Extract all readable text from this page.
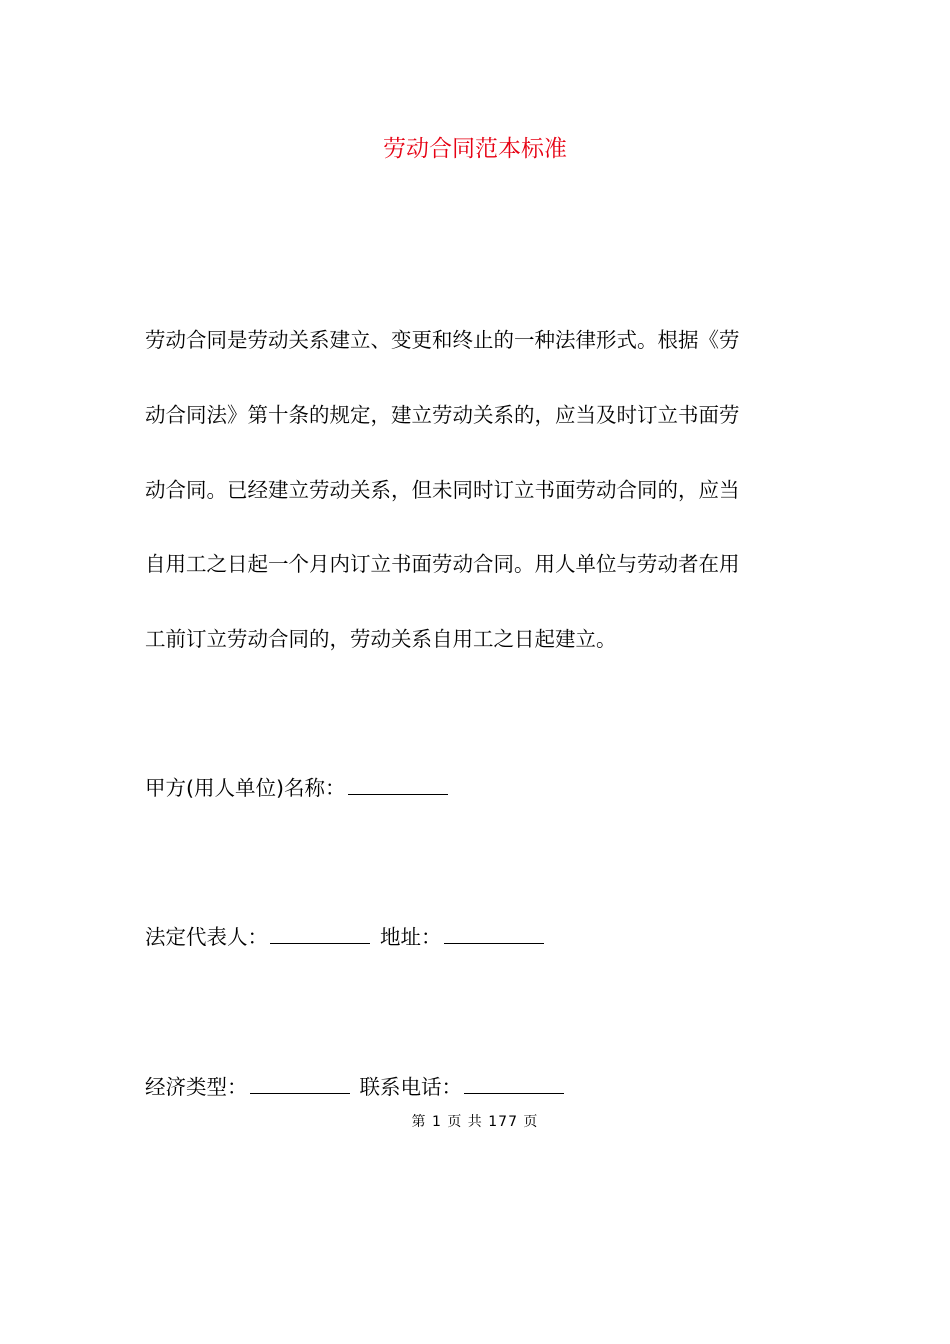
劳动合同范本标准
劳动合同是劳动关系建立、变更和终止的一种法律形式。根据《劳
动合同法》第十条的规定，建立劳动关系的，应当及时订立书面劳
动合同。已经建立劳动关系，但未同时订立书面劳动合同的，应当
自用工之日起一个月内订立书面劳动合同。用人单位与劳动者在用
工前订立劳动合同的，劳动关系自用工之日起建立。
甲方(用人单位)名称：
法定代表人：	地址：
经济类型：	联系电话：
第 1 页 共 177 页
